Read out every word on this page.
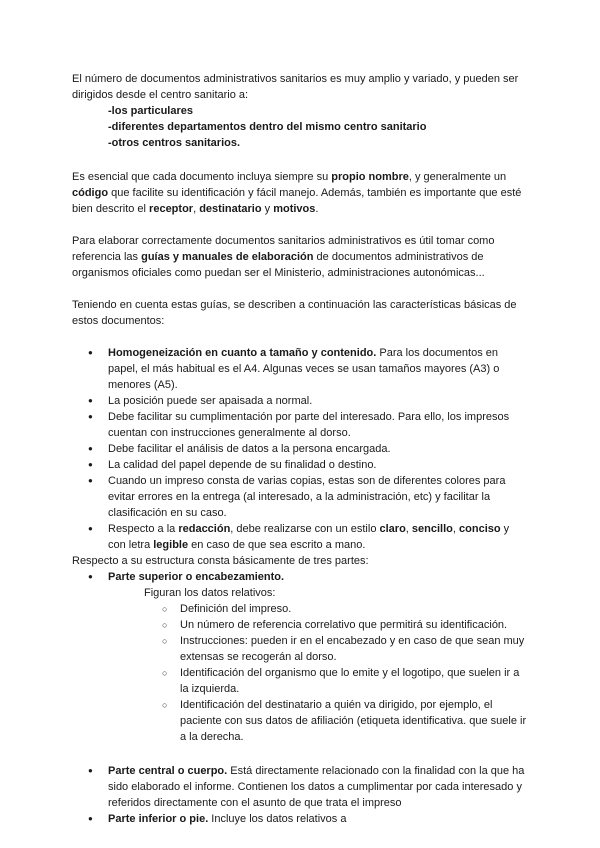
El número de documentos administrativos sanitarios es muy amplio y variado, y pueden ser dirigidos desde el centro sanitario a:

-los particulares
-diferentes departamentos dentro del mismo centro sanitario
-otros centros sanitarios.

Es esencial que cada documento incluya siempre su propio nombre, y generalmente un código que facilite su identificación y fácil manejo. Además, también es importante que esté bien descrito el receptor, destinatario y motivos.

Para elaborar correctamente documentos sanitarios administrativos es útil tomar como referencia las guías y manuales de elaboración de documentos administrativos de organismos oficiales como puedan ser el Ministerio, administraciones autonómicas...

Teniendo en cuenta estas guías, se describen a continuación las características básicas de estos documentos:

● Homogeneización en cuanto a tamaño y contenido. Para los documentos en papel, el más habitual es el A4. Algunas veces se usan tamaños mayores (A3) o menores (A5).
● La posición puede ser apaisada a normal.
● Debe facilitar su cumplimentación por parte del interesado. Para ello, los impresos cuentan con instrucciones generalmente al dorso.
● Debe facilitar el análisis de datos a la persona encargada.
● La calidad del papel depende de su finalidad o destino.
● Cuando un impreso consta de varias copias, estas son de diferentes colores para evitar errores en la entrega (al interesado, a la administración, etc) y facilitar la clasificación en su caso.
● Respecto a la redacción, debe realizarse con un estilo claro, sencillo, conciso y con letra legible en caso de que sea escrito a mano.

Respecto a su estructura consta básicamente de tres partes:

● Parte superior o encabezamiento.

Figuran los datos relativos:

○ Definición del impreso.
○ Un número de referencia correlativo que permitirá su identificación.
○ Instrucciones: pueden ir en el encabezado y en caso de que sean muy extensas se recogerán al dorso.
○ Identificación del organismo que lo emite y el logotipo, que suelen ir a la izquierda.
○ Identificación del destinatario a quién va dirigido, por ejemplo, el paciente con sus datos de afiliación (etiqueta identificativa. que suele ir a la derecha.
● Parte central o cuerpo. Está directamente relacionado con la finalidad con la que ha sido elaborado el informe. Contienen los datos a cumplimentar por cada interesado y referidos directamente con el asunto de que trata el impreso
● Parte inferior o pie. Incluye los datos relativos a
